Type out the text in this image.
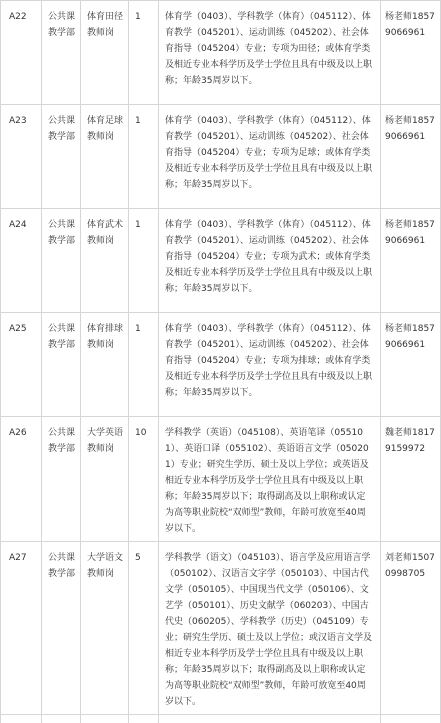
A22	公共课教学部	体育田径教师岗	1	体育学（0403）、学科教学（体育）（045112）、体育教学（045201）、运动训练（045202）、社会体育指导（045204）专业；专项为田径；或体育学类及相近专业本科学历及学士学位且具有中级及以上职称；年龄35周岁以下。	杨老师18579066961
A23	公共课教学部	体育足球教师岗	1	体育学（0403）、学科教学（体育）（045112）、体育教学（045201）、运动训练（045202）、社会体育指导（045204）专业；专项为足球；或体育学类及相近专业本科学历及学士学位且具有中级及以上职称；年龄35周岁以下。	杨老师18579066961
A24	公共课教学部	体育武术教师岗	1	体育学（0403）、学科教学（体育）（045112）、体育教学（045201）、运动训练（045202）、社会体育指导（045204）专业；专项为武术；或体育学类及相近专业本科学历及学士学位且具有中级及以上职称；年龄35周岁以下。	杨老师18579066961
A25	公共课教学部	体育排球教师岗	1	体育学（0403）、学科教学（体育）（045112）、体育教学（045201）、运动训练（045202）、社会体育指导（045204）专业；专项为排球；或体育学类及相近专业本科学历及学士学位且具有中级及以上职称；年龄35周岁以下。	杨老师18579066961
A26	公共课教学部	大学英语教师岗	10	学科教学（英语）（045108）、英语笔译（055101）、英语口译（055102）、英语语言文学（050201）专业；研究生学历、硕士及以上学位；或英语及相近专业本科学历及学士学位且具有中级及以上职称；年龄35周岁以下；取得副高及以上职称或认定为高等职业院校“双师型”教师，年龄可放宽至40周岁以下。	魏老师18179159972
A27	公共课教学部	大学语文教师岗	5	学科教学（语文）（045103）、语言学及应用语言学（050102）、汉语言文字学（050103）、中国古代文学（050105）、中国现当代文学（050106）、文艺学（050101）、历史文献学（060203）、中国古代史（060205）、学科教学（历史）（045109）专业；研究生学历、硕士及以上学位；或汉语言文学及相近专业本科学历及学士学位且具有中级及以上职称；年龄35周岁以下；取得副高及以上职称或认定为高等职业院校“双师型”教师，年龄可放宽至40周岁以下。	刘老师15070998705
